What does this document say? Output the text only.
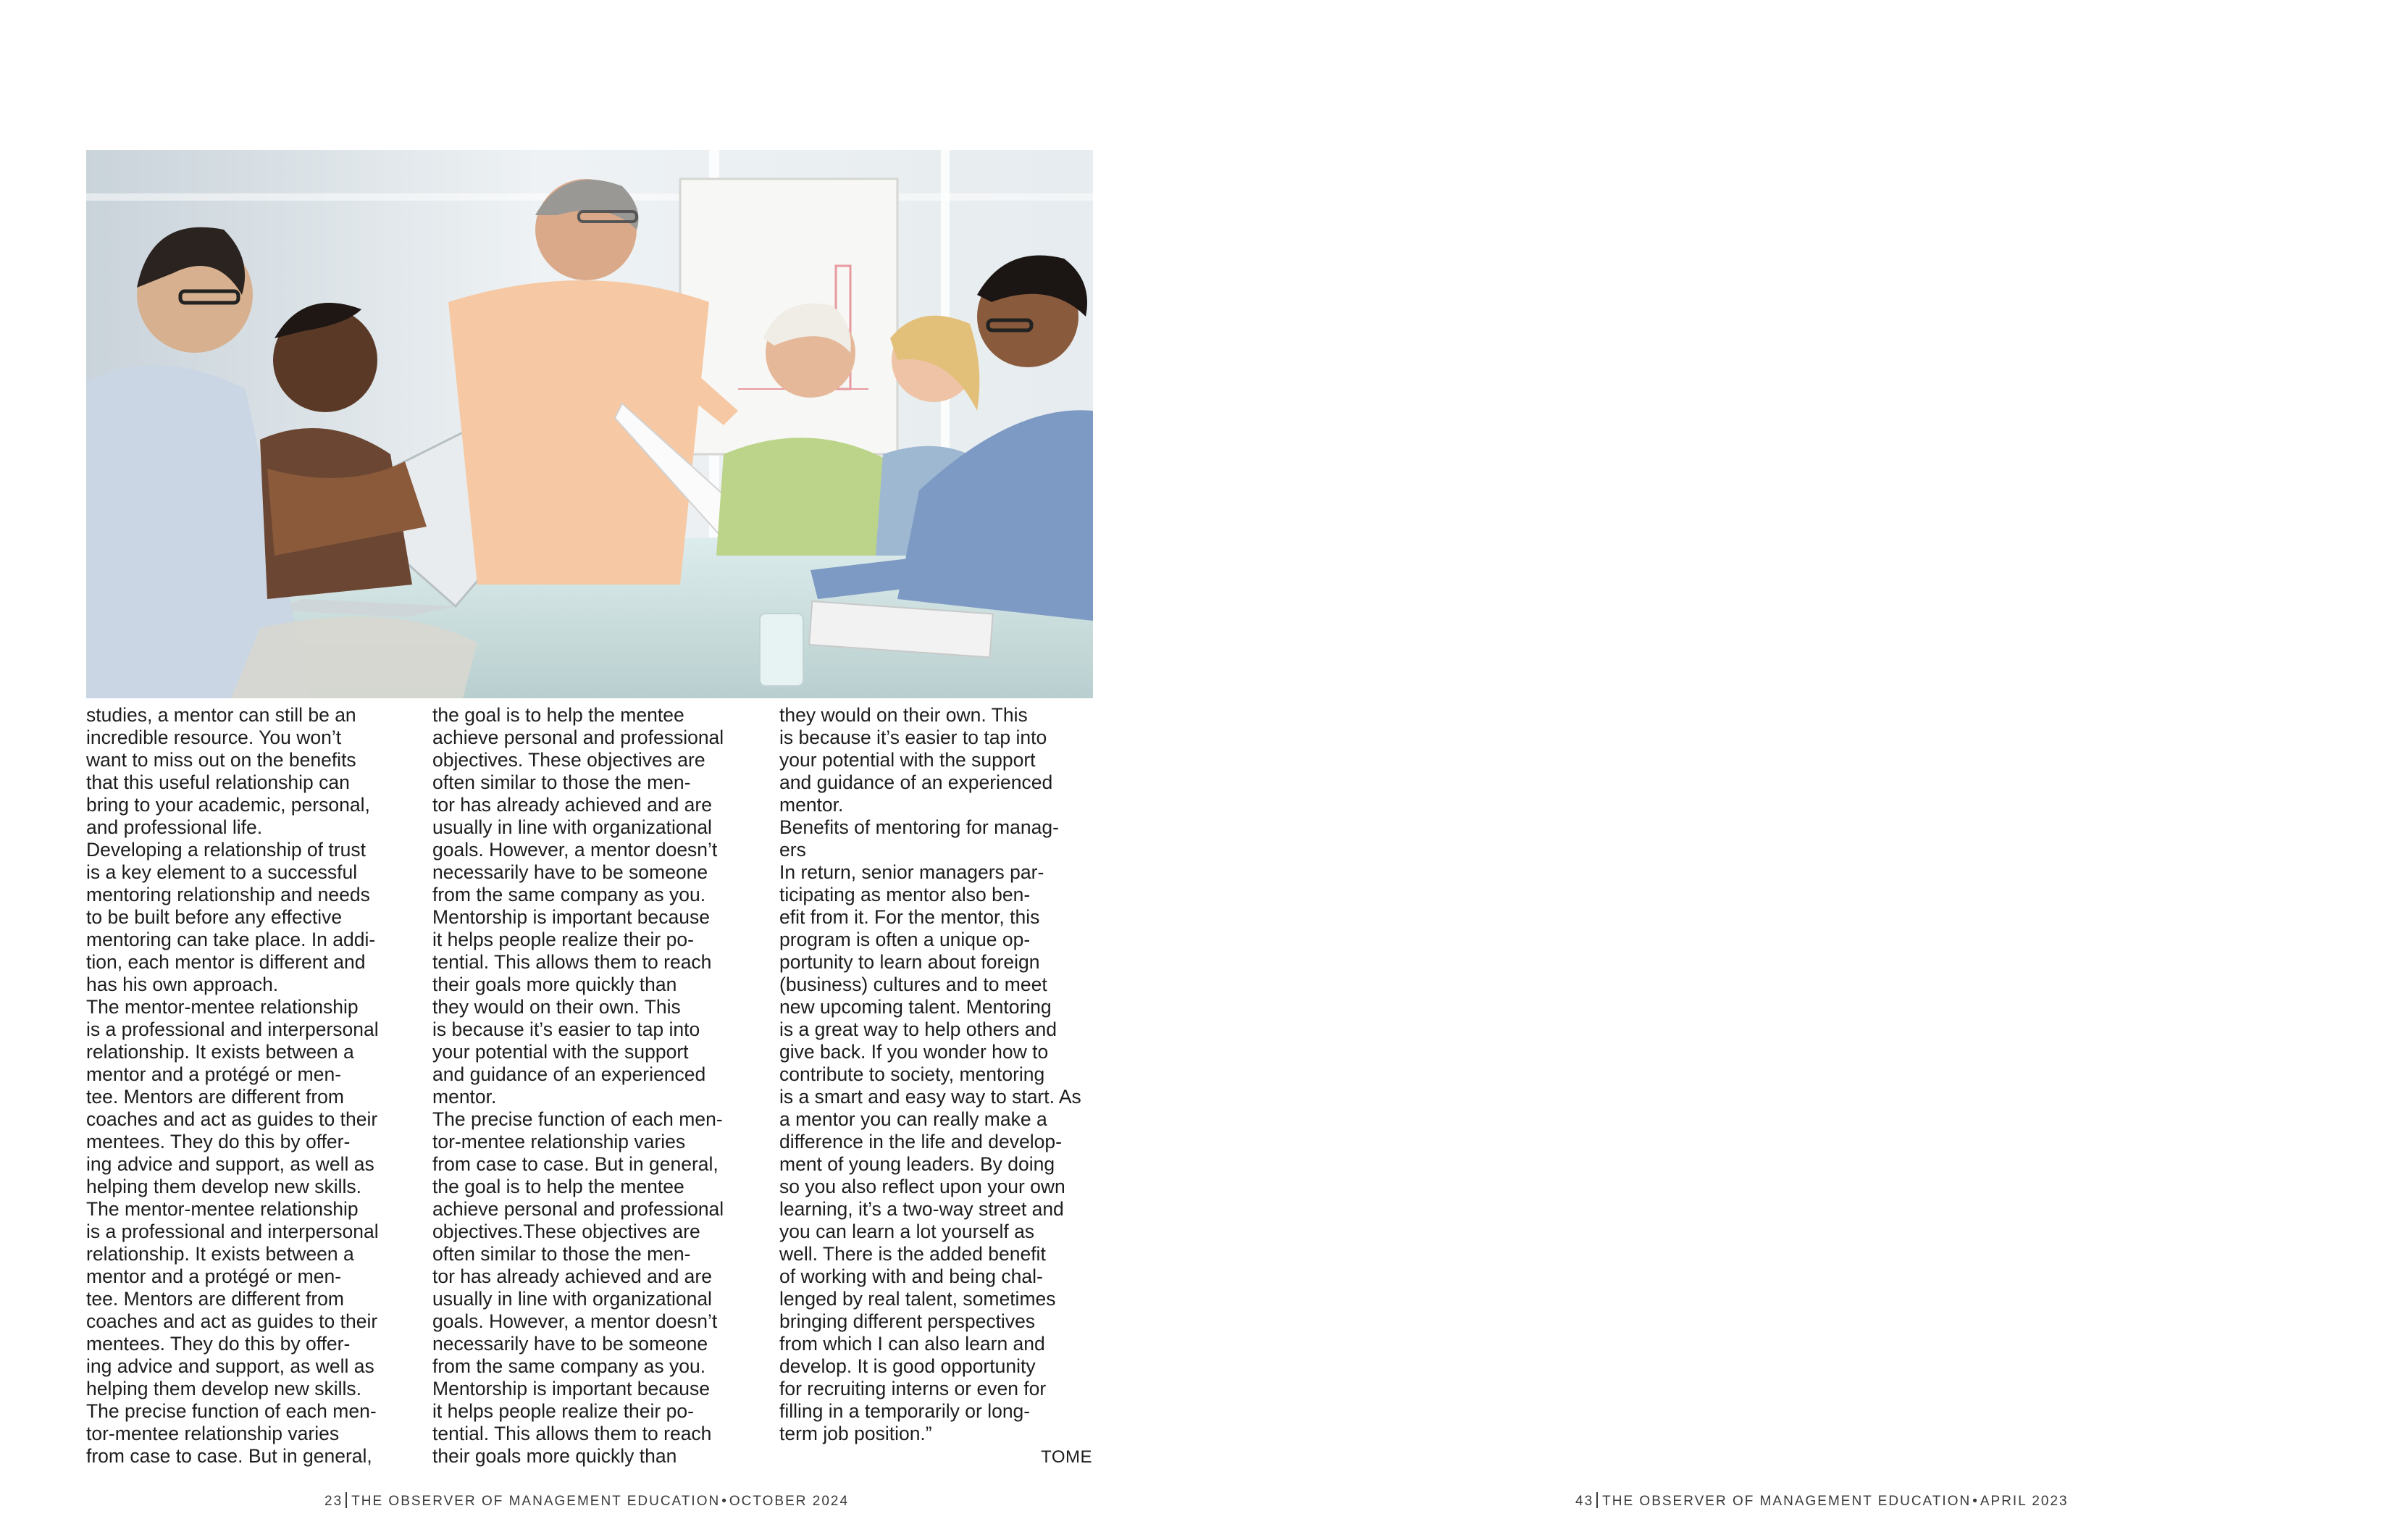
studies, a mentor can still be an
incredible resource. You won’t
want to miss out on the benefits
that this useful relationship can
bring to your academic, personal,
and professional life.
Developing a relationship of trust
is a key element to a successful
mentoring relationship and needs
to be built before any effective
mentoring can take place. In addi-
tion, each mentor is different and
has his own approach.
The mentor-mentee relationship
is a professional and interpersonal
relationship. It exists between a
mentor and a protégé or men-
tee. Mentors are different from
coaches and act as guides to their
mentees. They do this by offer-
ing advice and support, as well as
helping them develop new skills.
The mentor-mentee relationship
is a professional and interpersonal
relationship. It exists between a
mentor and a protégé or men-
tee. Mentors are different from
coaches and act as guides to their
mentees. They do this by offer-
ing advice and support, as well as
helping them develop new skills.
The precise function of each men-
tor-mentee relationship varies
from case to case. But in general,
the goal is to help the mentee
achieve personal and professional
objectives. These objectives are
often similar to those the men-
tor has already achieved and are
usually in line with organizational
goals. However, a mentor doesn’t
necessarily have to be someone
from the same company as you.
Mentorship is important because
it helps people realize their po-
tential. This allows them to reach
their goals more quickly than
they would on their own. This
is because it’s easier to tap into
your potential with the support
and guidance of an experienced
mentor.
The precise function of each men-
tor-mentee relationship varies
from case to case. But in general,
the goal is to help the mentee
achieve personal and professional
objectives.These objectives are
often similar to those the men-
tor has already achieved and are
usually in line with organizational
goals. However, a mentor doesn’t
necessarily have to be someone
from the same company as you.
Mentorship is important because
it helps people realize their po-
tential. This allows them to reach
their goals more quickly than
they would on their own. This
is because it’s easier to tap into
your potential with the support
and guidance of an experienced
mentor.
Benefits of mentoring for manag-
ers
In return, senior managers par-
ticipating as mentor also ben-
efit from it. For the mentor, this
program is often a unique op-
portunity to learn about foreign
(business) cultures and to meet
new upcoming talent. Mentoring
is a great way to help others and
give back. If you wonder how to
contribute to society, mentoring
is a smart and easy way to start. As
a mentor you can really make a
difference in the life and develop-
ment of young leaders. By doing
so you also reflect upon your own
learning, it’s a two-way street and
you can learn a lot yourself as
well. There is the added benefit
of working with and being chal-
lenged by real talent, sometimes
bringing different perspectives
from which I can also learn and
develop. It is good opportunity
for recruiting interns or even for
filling in a temporarily or long-
term job position.”
TOME
23 THE OBSERVER OF MANAGEMENT EDUCATION • OCTOBER 2024	43 THE OBSERVER OF MANAGEMENT EDUCATION • APRIL 2023
